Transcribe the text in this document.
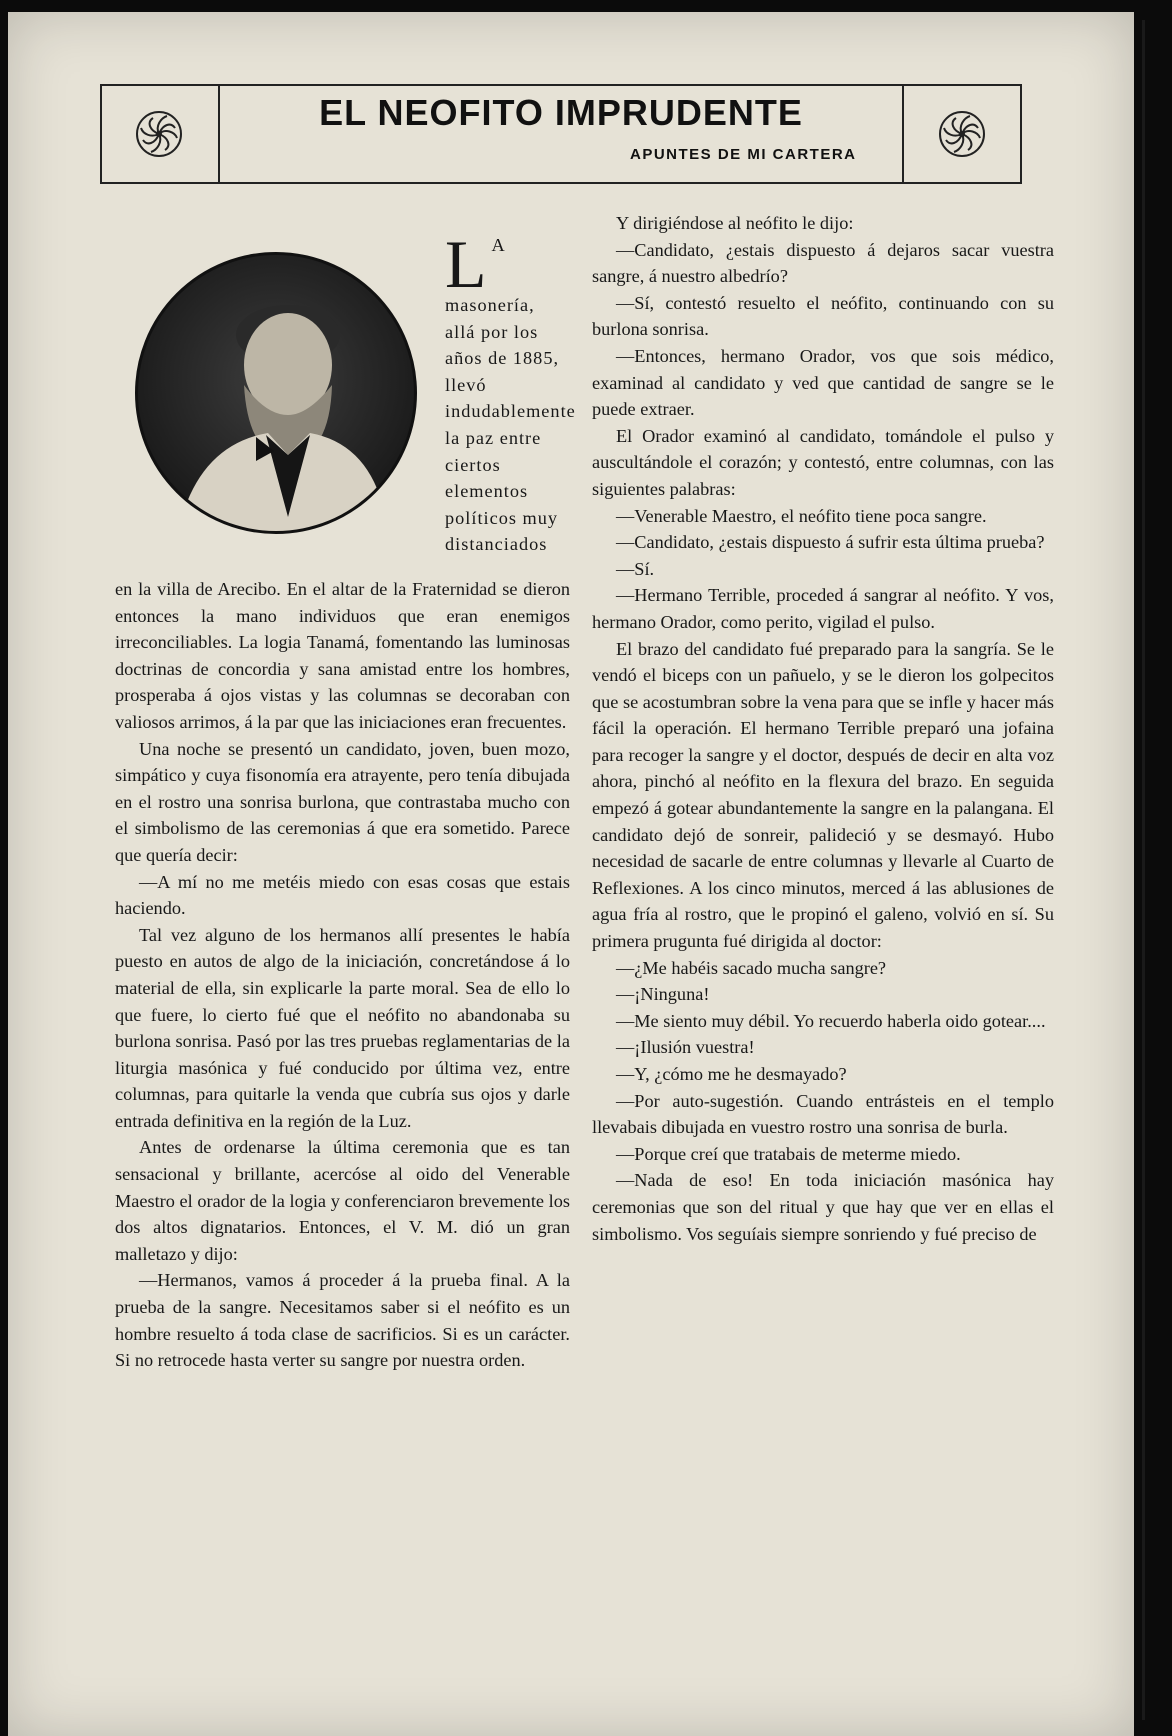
EL NEOFITO IMPRUDENTE
APUNTES DE MI CARTERA
L A masonería, allá por los años de 1885, llevó indudablemente la paz entre ciertos elementos políticos muy distanciados

en la villa de Arecibo. En el altar de la Fraternidad se dieron entonces la mano individuos que eran enemigos irreconciliables. La logia Tanamá, fomentando las luminosas doctrinas de concordia y sana amistad entre los hombres, prosperaba á ojos vistas y las columnas se decoraban con valiosos arrimos, á la par que las iniciaciones eran frecuentes.

Una noche se presentó un candidato, joven, buen mozo, simpático y cuya fisonomía era atrayente, pero tenía dibujada en el rostro una sonrisa burlona, que contrastaba mucho con el simbolismo de las ceremonias á que era sometido. Parece que quería decir:

—A mí no me metéis miedo con esas cosas que estais haciendo.

Tal vez alguno de los hermanos allí presentes le había puesto en autos de algo de la iniciación, concretándose á lo material de ella, sin explicarle la parte moral. Sea de ello lo que fuere, lo cierto fué que el neófito no abandonaba su burlona sonrisa. Pasó por las tres pruebas reglamentarias de la liturgia masónica y fué conducido por última vez, entre columnas, para quitarle la venda que cubría sus ojos y darle entrada definitiva en la región de la Luz.

Antes de ordenarse la última ceremonia que es tan sensacional y brillante, acercóse al oido del Venerable Maestro el orador de la logia y conferenciaron brevemente los dos altos dignatarios. Entonces, el V. M. dió un gran malletazo y dijo:

—Hermanos, vamos á proceder á la prueba final. A la prueba de la sangre. Necesitamos saber si el neófito es un hombre resuelto á toda clase de sacrificios. Si es un carácter. Si no retrocede hasta verter su sangre por nuestra orden.

Y dirigiéndose al neófito le dijo:

—Candidato, ¿estais dispuesto á dejaros sacar vuestra sangre, á nuestro albedrío?

—Sí, contestó resuelto el neófito, continuando con su burlona sonrisa.

—Entonces, hermano Orador, vos que sois médico, examinad al candidato y ved que cantidad de sangre se le puede extraer.

El Orador examinó al candidato, tomándole el pulso y auscultándole el corazón; y contestó, entre columnas, con las siguientes palabras:

—Venerable Maestro, el neófito tiene poca sangre.

—Candidato, ¿estais dispuesto á sufrir esta última prueba?

—Sí.

—Hermano Terrible, proceded á sangrar al neófito. Y vos, hermano Orador, como perito, vigilad el pulso.

El brazo del candidato fué preparado para la sangría. Se le vendó el biceps con un pañuelo, y se le dieron los golpecitos que se acostumbran sobre la vena para que se infle y hacer más fácil la operación. El hermano Terrible preparó una jofaina para recoger la sangre y el doctor, después de decir en alta voz ahora, pinchó al neófito en la flexura del brazo. En seguida empezó á gotear abundantemente la sangre en la palangana. El candidato dejó de sonreir, palideció y se desmayó. Hubo necesidad de sacarle de entre columnas y llevarle al Cuarto de Reflexiones. A los cinco minutos, merced á las ablusiones de agua fría al rostro, que le propinó el galeno, volvió en sí. Su primera prugunta fué dirigida al doctor:

—¿Me habéis sacado mucha sangre?

—¡Ninguna!

—Me siento muy débil. Yo recuerdo haberla oido gotear....

—¡Ilusión vuestra!

—Y, ¿cómo me he desmayado?

—Por auto-sugestión. Cuando entrásteis en el templo llevabais dibujada en vuestro rostro una sonrisa de burla.

—Porque creí que tratabais de meterme miedo.

—Nada de eso! En toda iniciación masónica hay ceremonias que son del ritual y que hay que ver en ellas el simbolismo. Vos seguíais siempre sonriendo y fué preciso de
